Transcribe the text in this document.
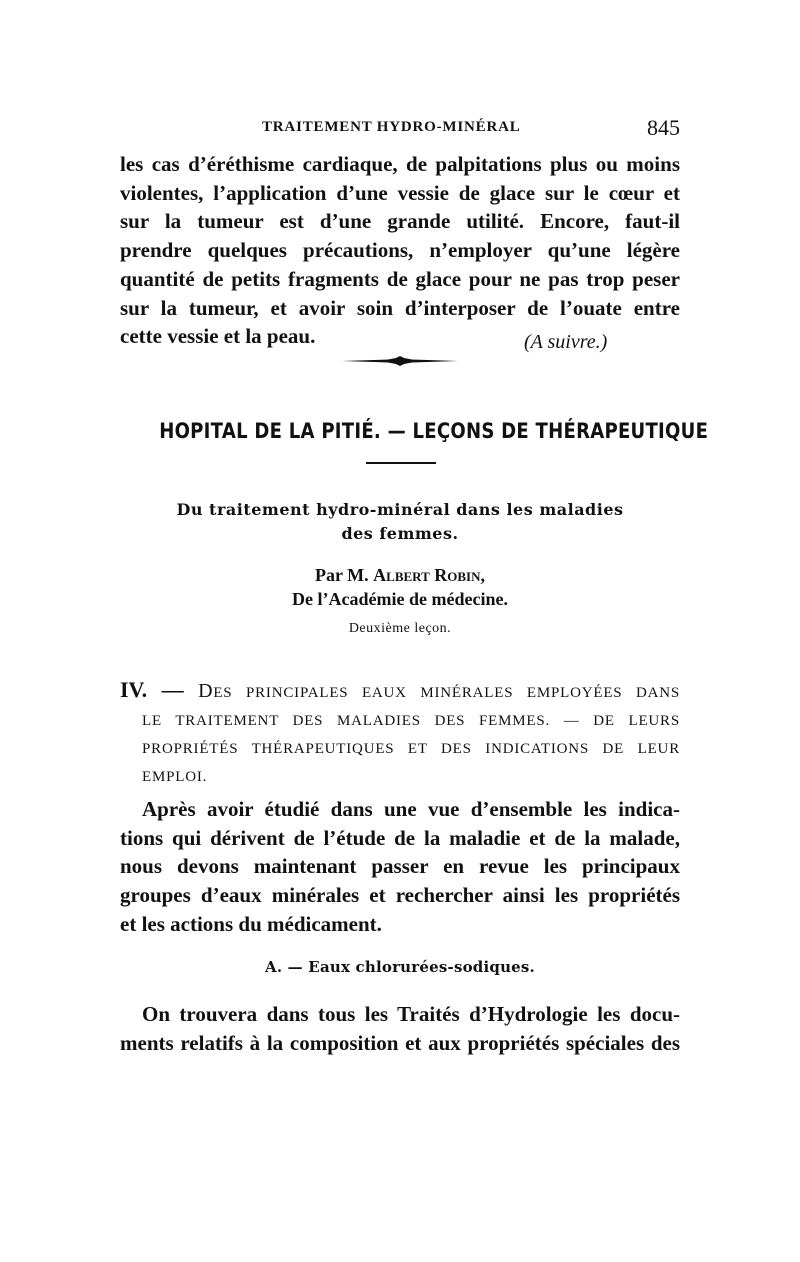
TRAITEMENT HYDRO-MINÉRAL	845
les cas d’éréthisme cardiaque, de palpitations plus ou moins
violentes, l’application d’une vessie de glace sur le cœur et
sur la tumeur est d’une grande utilité. Encore, faut-il
prendre quelques précautions, n’employer qu’une légère
quantité de petits fragments de glace pour ne pas trop peser
sur la tumeur, et avoir soin d’interposer de l’ouate entre
cette vessie et la peau.	(A suivre.)
HOPITAL DE LA PITIÉ. — LEÇONS DE THÉRAPEUTIQUE
Du traitement hydro-minéral dans les maladies
des femmes.
Par M. Albert Robin,
De l’Académie de médecine.
Deuxième leçon.
IV. — DES PRINCIPALES EAUX MINÉRALES EMPLOYÉES DANS
LE TRAITEMENT DES MALADIES DES FEMMES. — DE LEURS
PROPRIÉTÉS THÉRAPEUTIQUES ET DES INDICATIONS DE LEUR
EMPLOI.
Après avoir étudié dans une vue d’ensemble les indica-
tions qui dérivent de l’étude de la maladie et de la malade,
nous devons maintenant passer en revue les principaux
groupes d’eaux minérales et rechercher ainsi les propriétés
et les actions du médicament.
A. — Eaux chlorurées-sodiques.
On trouvera dans tous les Traités d’Hydrologie les docu-
ments relatifs à la composition et aux propriétés spéciales des
